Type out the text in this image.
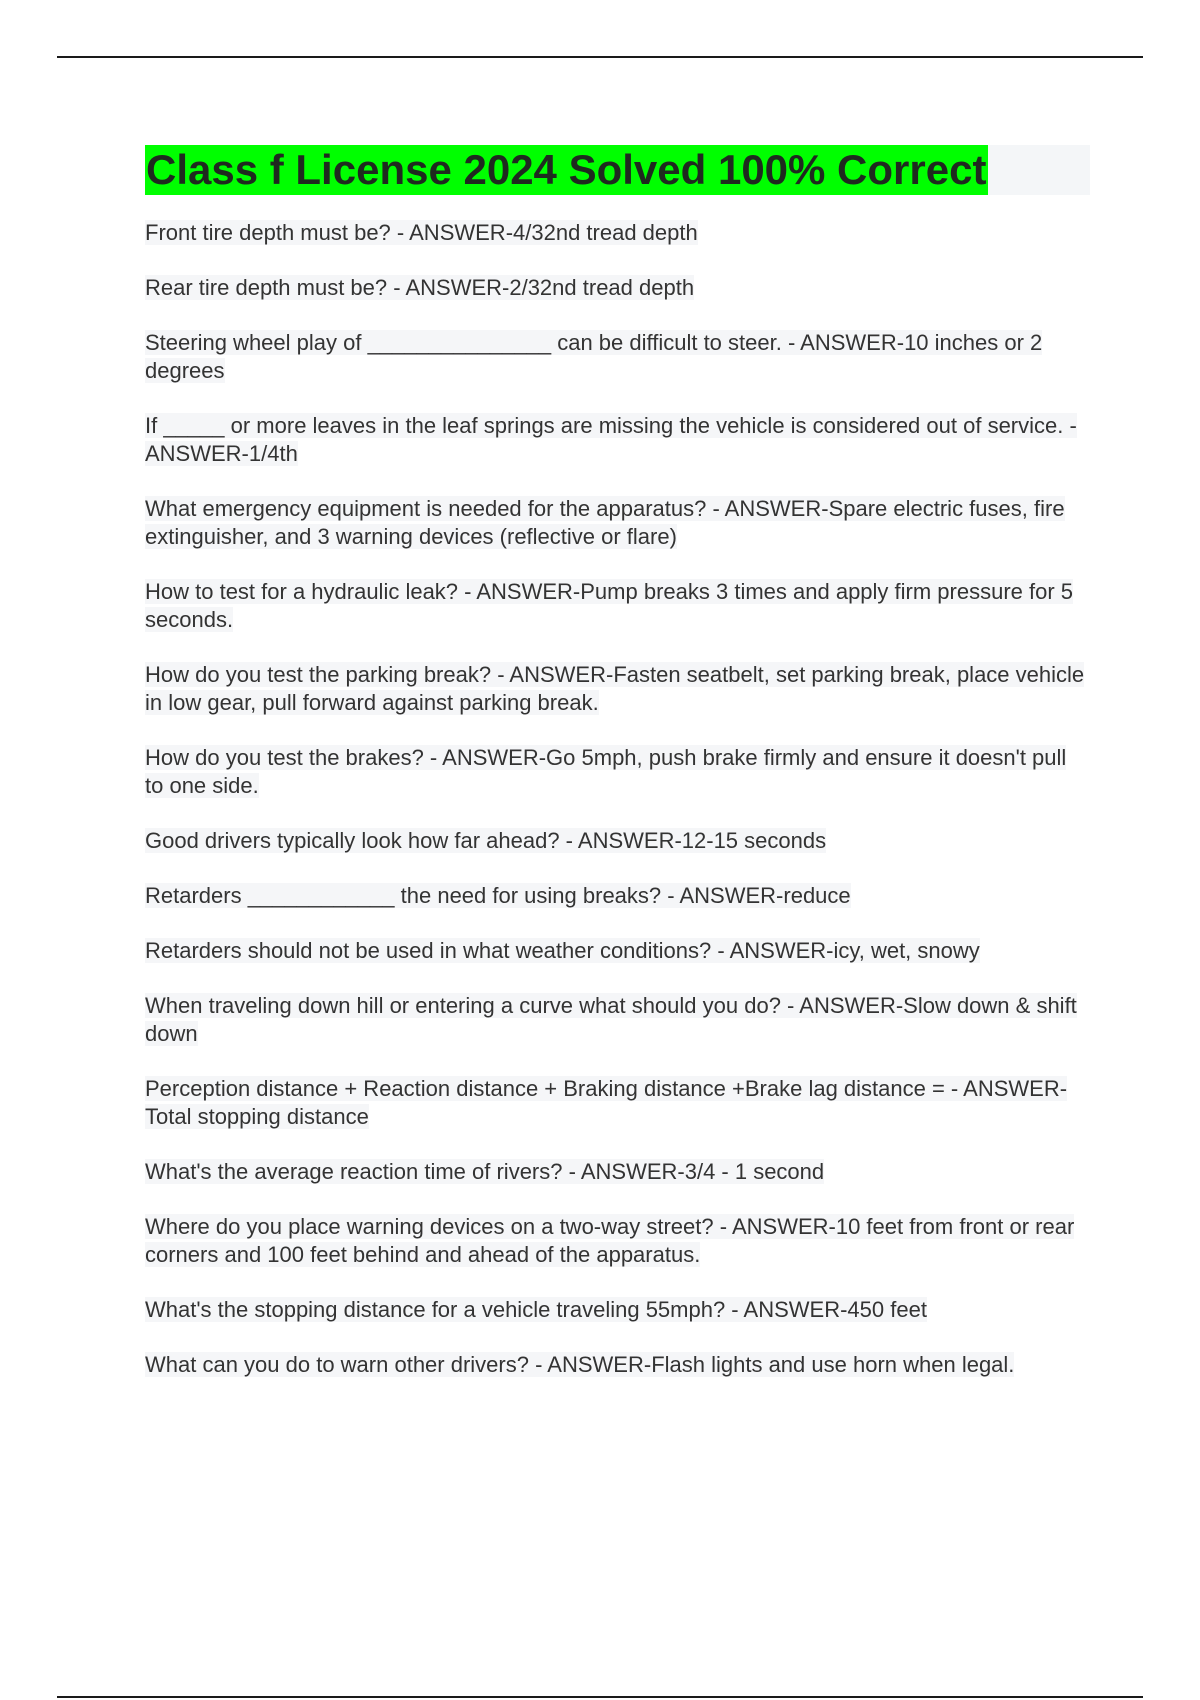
Class f License 2024 Solved 100% Correct
Front tire depth must be? - ANSWER-4/32nd tread depth
Rear tire depth must be? - ANSWER-2/32nd tread depth
Steering wheel play of _______________ can be difficult to steer. - ANSWER-10 inches or 2 degrees
If _____ or more leaves in the leaf springs are missing the vehicle is considered out of service. - ANSWER-1/4th
What emergency equipment is needed for the apparatus? - ANSWER-Spare electric fuses, fire extinguisher, and 3 warning devices (reflective or flare)
How to test for a hydraulic leak? - ANSWER-Pump breaks 3 times and apply firm pressure for 5 seconds.
How do you test the parking break? - ANSWER-Fasten seatbelt, set parking break, place vehicle in low gear, pull forward against parking break.
How do you test the brakes? - ANSWER-Go 5mph, push brake firmly and ensure it doesn't pull to one side.
Good drivers typically look how far ahead? - ANSWER-12-15 seconds
Retarders ____________ the need for using breaks? - ANSWER-reduce
Retarders should not be used in what weather conditions? - ANSWER-icy, wet, snowy
When traveling down hill or entering a curve what should you do? - ANSWER-Slow down & shift down
Perception distance + Reaction distance + Braking distance +Brake lag distance = - ANSWER-Total stopping distance
What's the average reaction time of rivers? - ANSWER-3/4 - 1 second
Where do you place warning devices on a two-way street? - ANSWER-10 feet from front or rear corners and 100 feet behind and ahead of the apparatus.
What's the stopping distance for a vehicle traveling 55mph? - ANSWER-450 feet
What can you do to warn other drivers? - ANSWER-Flash lights and use horn when legal.
